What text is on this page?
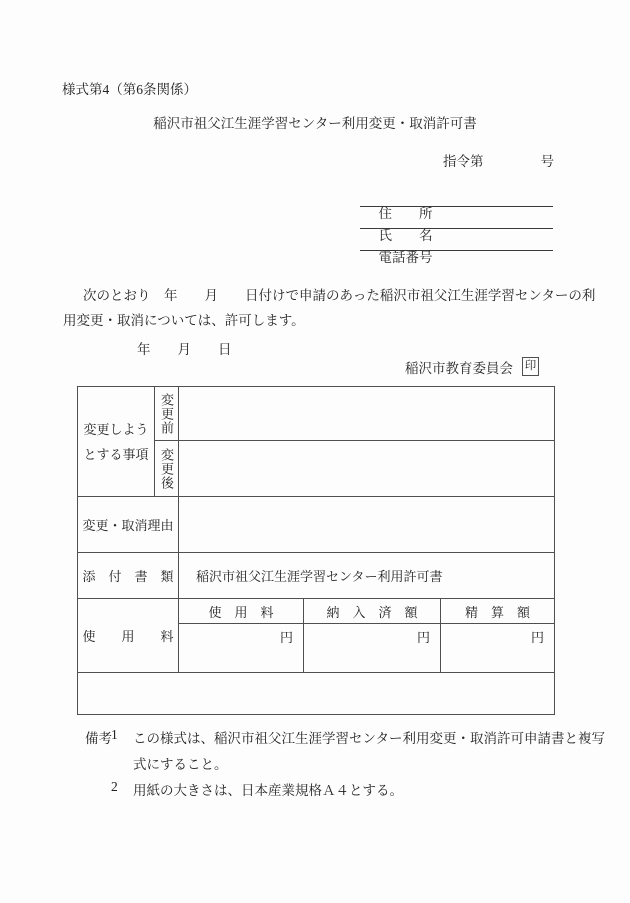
様式第4（第6条関係）
稲沢市祖父江生涯学習センター利用変更・取消許可書
指令第	号

住　　所

氏　　名

電話番号

次のとおり　年　　月　　日付けで申請のあった稲沢市祖父江生涯学習センターの利
用変更・取消については、許可します。
年　　月　　日
稲沢市教育委員会 印
変更しよう
とする事項
変更前
変更後
変更・取消理由
添　付　書　類	稲沢市祖父江生涯学習センター利用許可書
使　　用　　料
使　用　料	納　入　済　額	精　算　額
円	円	円
備考 1 この様式は、稲沢市祖父江生涯学習センター利用変更・取消許可申請書と複写
式にすること。
2 用紙の大きさは、日本産業規格Ａ４とする。
